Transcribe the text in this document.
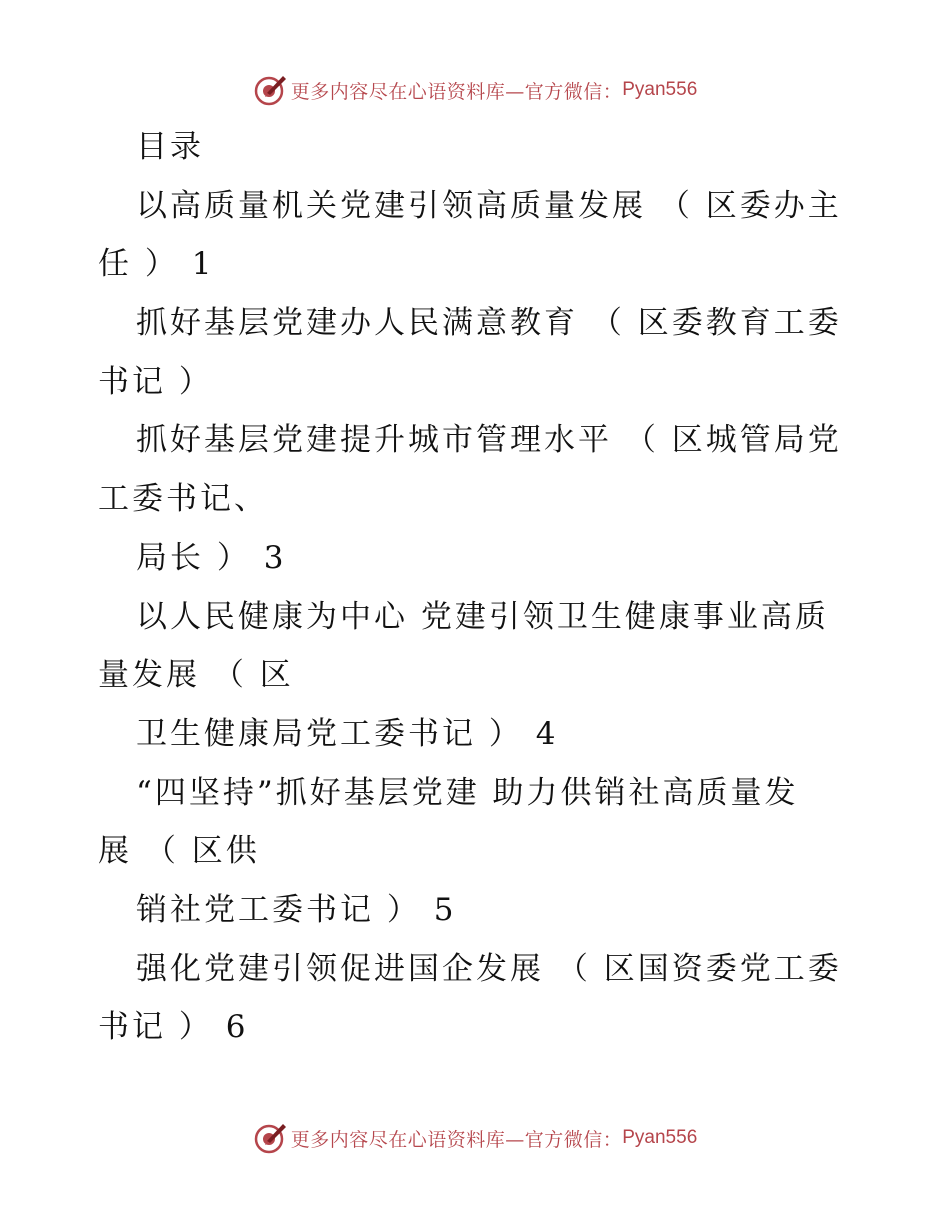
更多内容尽在心语资料库—官方微信： Pyan556
目录
以高质量机关党建引领高质量发展 （ 区委办主
任 ） 1
抓好基层党建办人民满意教育 （ 区委教育工委
书记 ）
抓好基层党建提升城市管理水平 （ 区城管局党
工委书记、
局长 ） 3
以人民健康为中心 党建引领卫生健康事业高质
量发展 （ 区
卫生健康局党工委书记 ） 4
“四坚持”抓好基层党建 助力供销社高质量发
展 （ 区供
销社党工委书记 ） 5
强化党建引领促进国企发展 （ 区国资委党工委
书记 ） 6
更多内容尽在心语资料库—官方微信： Pyan556
